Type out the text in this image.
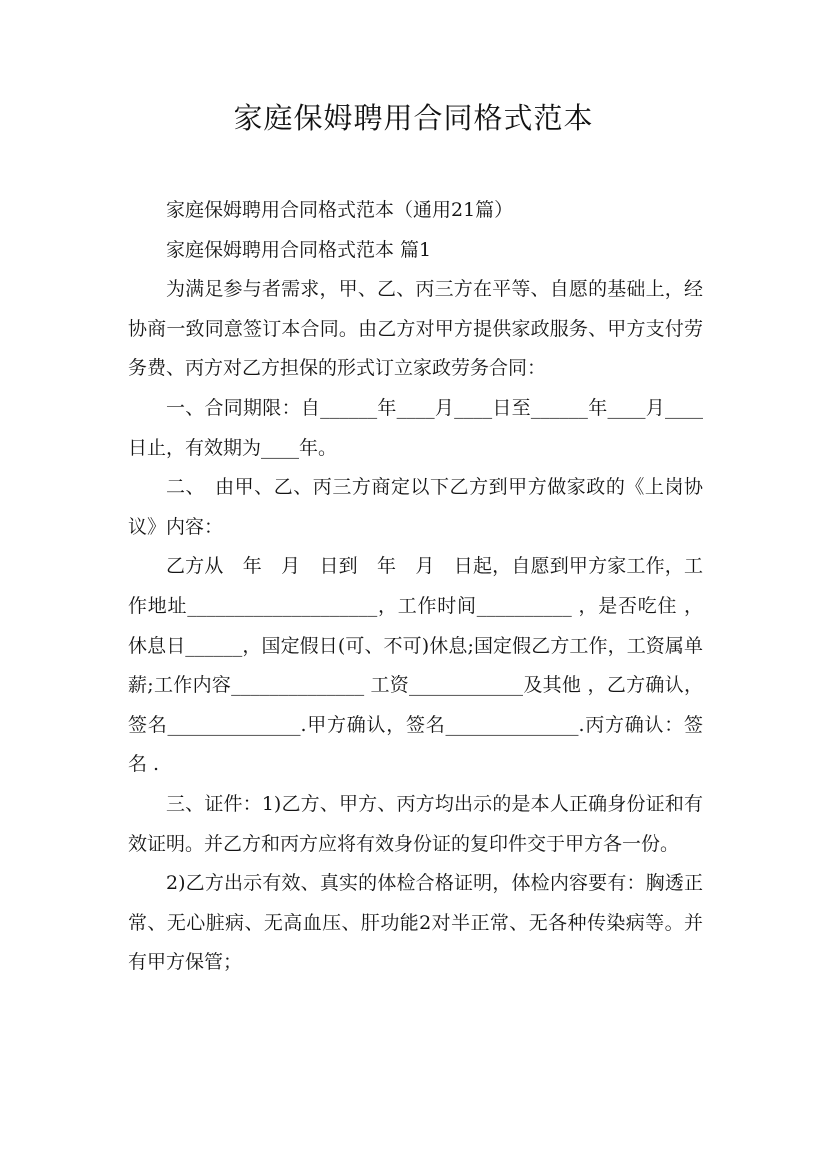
家庭保姆聘用合同格式范本

家庭保姆聘用合同格式范本（通用21篇）

家庭保姆聘用合同格式范本 篇1

为满足参与者需求，甲、乙、丙三方在平等、自愿的基础上，经协商一致同意签订本合同。由乙方对甲方提供家政服务、甲方支付劳务费、丙方对乙方担保的形式订立家政劳务合同：

一、合同期限：自______年____月____日至______年____月____日止，有效期为____年。

二、　由甲、乙、丙三方商定以下乙方到甲方做家政的《上岗协议》内容：

乙方从　年　月　日到　年　月　日起，自愿到甲方家工作，工作地址____________________，工作时间__________ ，是否吃住 ，休息日______，国定假日(可、不可)休息;国定假乙方工作，工资属单薪;工作内容______________ 工资____________及其他 ，乙方确认，签名______________.甲方确认，签名______________.丙方确认：签名 .

三、证件：1)乙方、甲方、丙方均出示的是本人正确身份证和有效证明。并乙方和丙方应将有效身份证的复印件交于甲方各一份。

2)乙方出示有效、真实的体检合格证明，体检内容要有：胸透正常、无心脏病、无高血压、肝功能2对半正常、无各种传染病等。并有甲方保管；
